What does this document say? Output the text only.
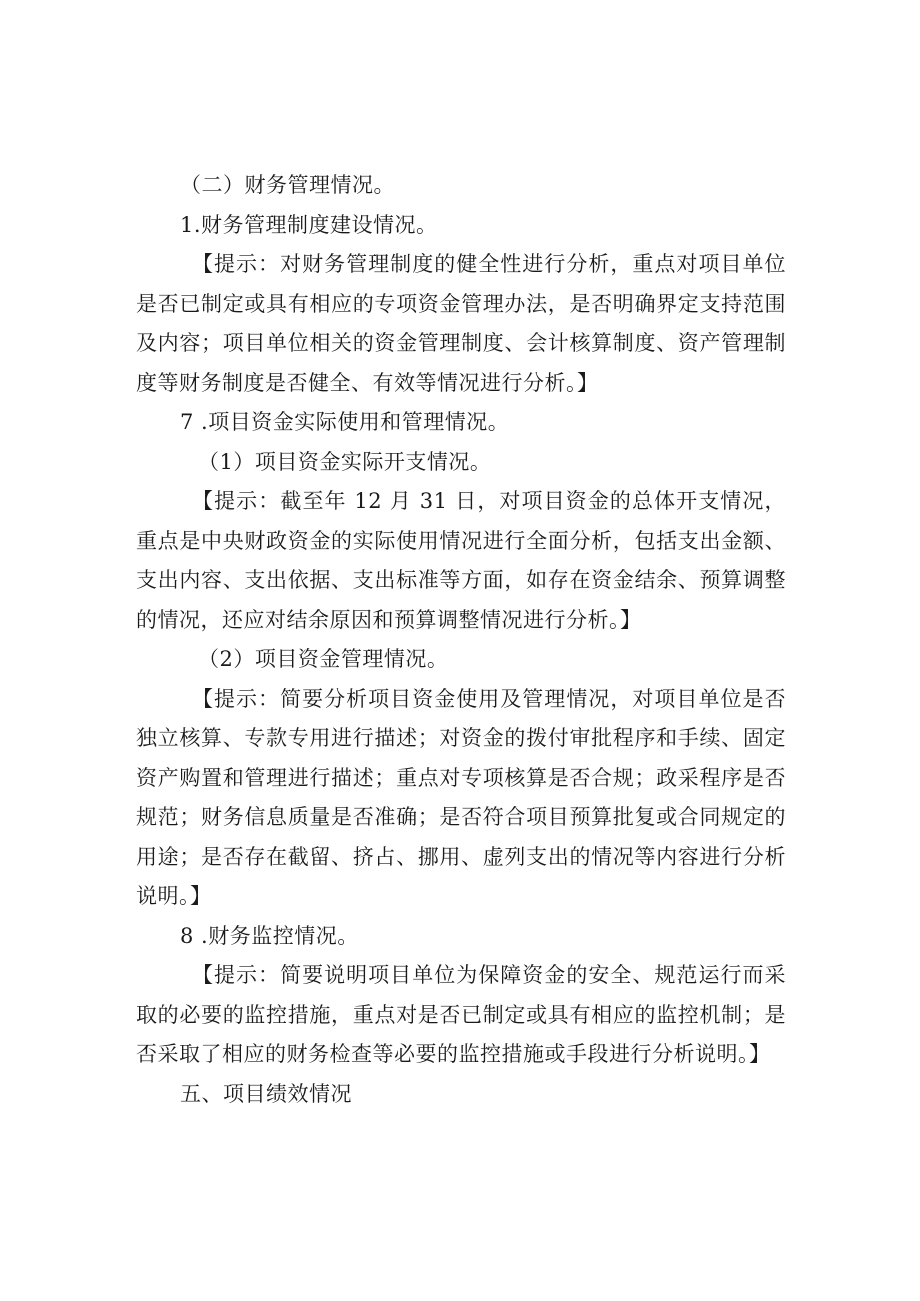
（二）财务管理情况。
1.财务管理制度建设情况。
【提示：对财务管理制度的健全性进行分析，重点对项目单位是否已制定或具有相应的专项资金管理办法，是否明确界定支持范围及内容；项目单位相关的资金管理制度、会计核算制度、资产管理制度等财务制度是否健全、有效等情况进行分析。】
7 .项目资金实际使用和管理情况。
（1）项目资金实际开支情况。
【提示：截至年 12 月 31 日，对项目资金的总体开支情况，重点是中央财政资金的实际使用情况进行全面分析，包括支出金额、支出内容、支出依据、支出标准等方面，如存在资金结余、预算调整的情况，还应对结余原因和预算调整情况进行分析。】
（2）项目资金管理情况。
【提示：简要分析项目资金使用及管理情况，对项目单位是否独立核算、专款专用进行描述；对资金的拨付审批程序和手续、固定资产购置和管理进行描述；重点对专项核算是否合规；政采程序是否规范；财务信息质量是否准确；是否符合项目预算批复或合同规定的用途；是否存在截留、挤占、挪用、虚列支出的情况等内容进行分析说明。】
8 .财务监控情况。
【提示：简要说明项目单位为保障资金的安全、规范运行而采取的必要的监控措施，重点对是否已制定或具有相应的监控机制；是否采取了相应的财务检查等必要的监控措施或手段进行分析说明。】
五、项目绩效情况
